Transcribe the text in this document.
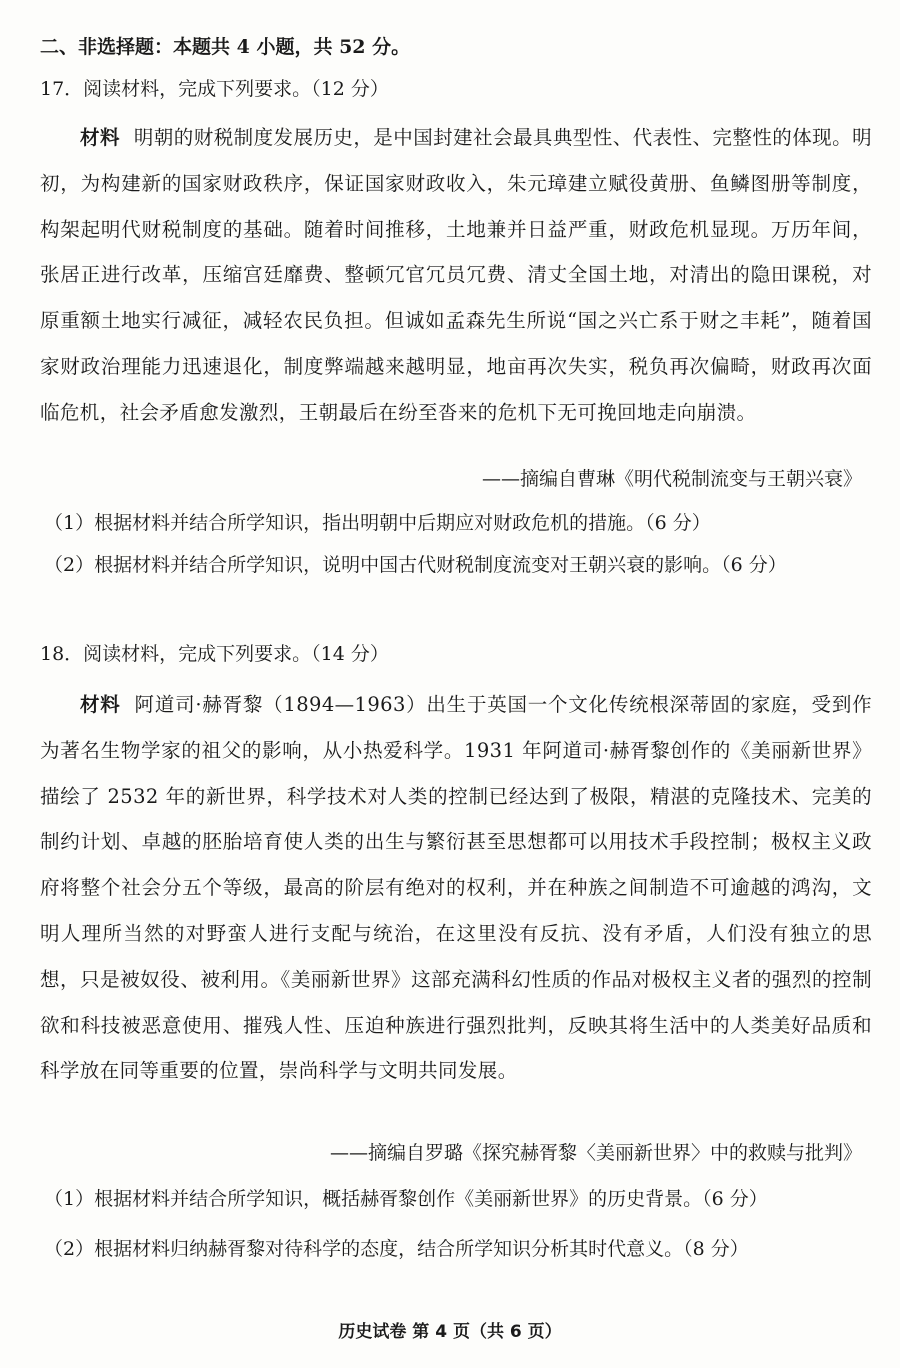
二、非选择题：本题共 4 小题，共 52 分。
17．阅读材料，完成下列要求。（12 分）
材料 明朝的财税制度发展历史，是中国封建社会最具典型性、代表性、完整性的体现。明初，为构建新的国家财政秩序，保证国家财政收入，朱元璋建立赋役黄册、鱼鳞图册等制度，构架起明代财税制度的基础。随着时间推移，土地兼并日益严重，财政危机显现。万历年间，张居正进行改革，压缩宫廷靡费、整顿冗官冗员冗费、清丈全国土地，对清出的隐田课税，对原重额土地实行减征，减轻农民负担。但诚如孟森先生所说“国之兴亡系于财之丰耗”，随着国家财政治理能力迅速退化，制度弊端越来越明显，地亩再次失实，税负再次偏畸，财政再次面临危机，社会矛盾愈发激烈，王朝最后在纷至沓来的危机下无可挽回地走向崩溃。
——摘编自曹琳《明代税制流变与王朝兴衰》
（1）根据材料并结合所学知识，指出明朝中后期应对财政危机的措施。（6 分）
（2）根据材料并结合所学知识，说明中国古代财税制度流变对王朝兴衰的影响。（6 分）
18．阅读材料，完成下列要求。（14 分）
材料 阿道司·赫胥黎（1894—1963）出生于英国一个文化传统根深蒂固的家庭，受到作为著名生物学家的祖父的影响，从小热爱科学。1931 年阿道司·赫胥黎创作的《美丽新世界》描绘了 2532 年的新世界，科学技术对人类的控制已经达到了极限，精湛的克隆技术、完美的制约计划、卓越的胚胎培育使人类的出生与繁衍甚至思想都可以用技术手段控制；极权主义政府将整个社会分五个等级，最高的阶层有绝对的权利，并在种族之间制造不可逾越的鸿沟，文明人理所当然的对野蛮人进行支配与统治，在这里没有反抗、没有矛盾，人们没有独立的思想，只是被奴役、被利用。《美丽新世界》这部充满科幻性质的作品对极权主义者的强烈的控制欲和科技被恶意使用、摧残人性、压迫种族进行强烈批判，反映其将生活中的人类美好品质和科学放在同等重要的位置，崇尚科学与文明共同发展。
——摘编自罗璐《探究赫胥黎〈美丽新世界〉中的救赎与批判》
（1）根据材料并结合所学知识，概括赫胥黎创作《美丽新世界》的历史背景。（6 分）
（2）根据材料归纳赫胥黎对待科学的态度，结合所学知识分析其时代意义。（8 分）
历史试卷 第 4 页（共 6 页）
